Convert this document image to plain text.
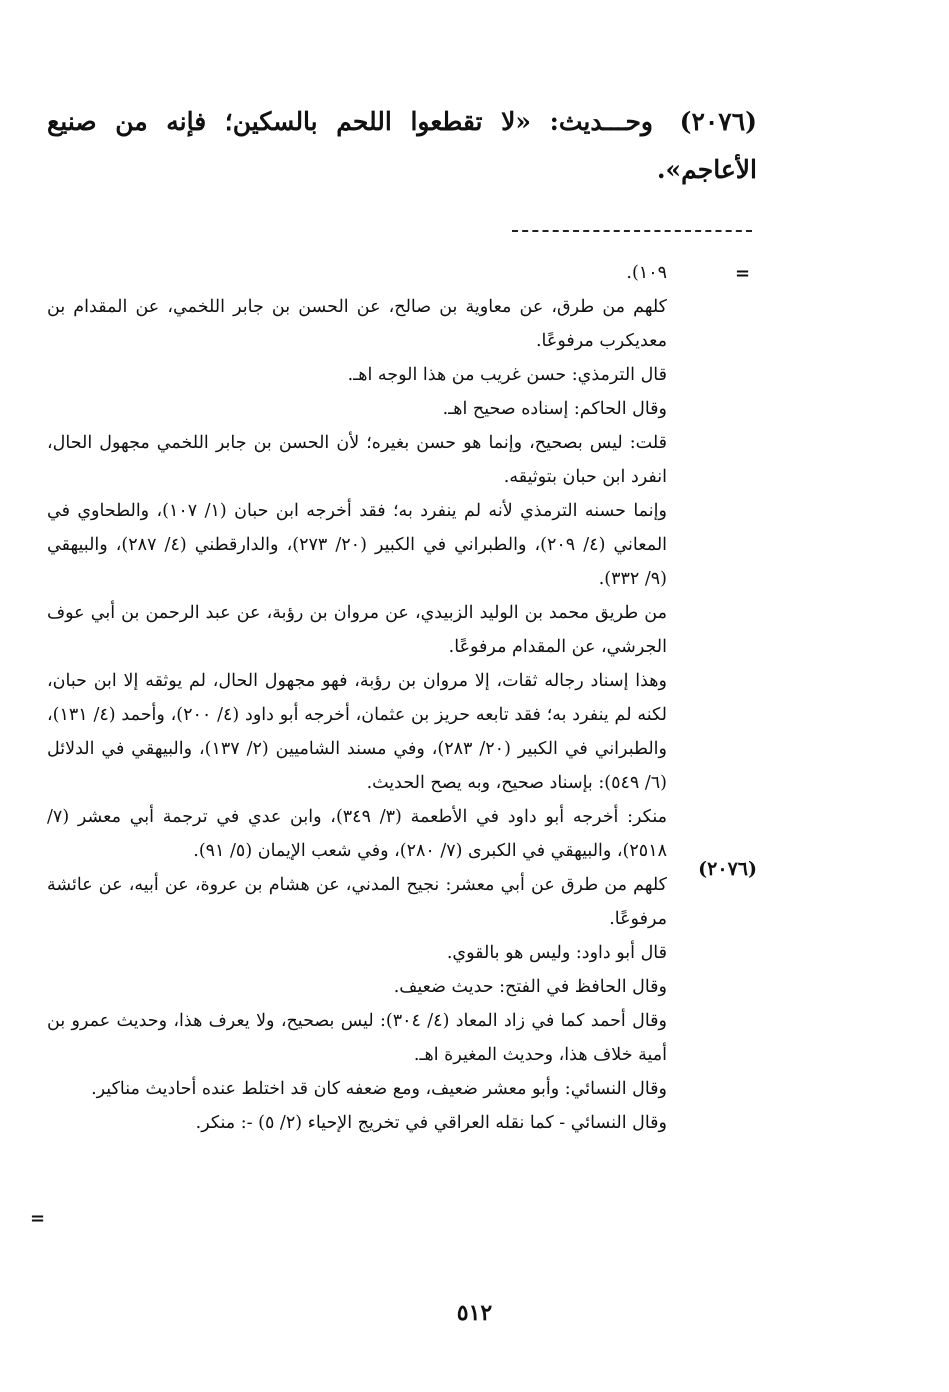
(٢٠٧٦) وحـــديث: «لا تقطعوا اللحم بالسكين؛ فإنه من صنيع الأعاجم».
=

١٠٩).

كلهم من طرق، عن معاوية بن صالح، عن الحسن بن جابر اللخمي، عن المقدام بن معديكرب مرفوعًا.

قال الترمذي: حسن غريب من هذا الوجه اهـ.

وقال الحاكم: إسناده صحيح اهـ.

قلت: ليس بصحيح، وإنما هو حسن بغيره؛ لأن الحسن بن جابر اللخمي مجهول الحال، انفرد ابن حبان بتوثيقه.

وإنما حسنه الترمذي لأنه لم ينفرد به؛ فقد أخرجه ابن حبان (١/ ١٠٧)، والطحاوي في المعاني (٤/ ٢٠٩)، والطبراني في الكبير (٢٠/ ٢٧٣)، والدارقطني (٤/ ٢٨٧)، والبيهقي (٩/ ٣٣٢).

من طريق محمد بن الوليد الزبيدي، عن مروان بن رؤبة، عن عبد الرحمن بن أبي عوف الجرشي، عن المقدام مرفوعًا.

وهذا إسناد رجاله ثقات، إلا مروان بن رؤبة، فهو مجهول الحال، لم يوثقه إلا ابن حبان، لكنه لم ينفرد به؛ فقد تابعه حريز بن عثمان، أخرجه أبو داود (٤/ ٢٠٠)، وأحمد (٤/ ١٣١)، والطبراني في الكبير (٢٠/ ٢٨٣)، وفي مسند الشاميين (٢/ ١٣٧)، والبيهقي في الدلائل (٦/ ٥٤٩): بإسناد صحيح، وبه يصح الحديث.

منكر: أخرجه أبو داود في الأطعمة (٣/ ٣٤٩)، وابن عدي في ترجمة أبي معشر (٧/ ٢٥١٨)، والبيهقي في الكبرى (٧/ ٢٨٠)، وفي شعب الإيمان (٥/ ٩١).

كلهم من طرق عن أبي معشر: نجيح المدني، عن هشام بن عروة، عن أبيه، عن عائشة مرفوعًا.

قال أبو داود: وليس هو بالقوي.

وقال الحافظ في الفتح: حديث ضعيف.

وقال أحمد كما في زاد المعاد (٤/ ٣٠٤): ليس بصحيح، ولا يعرف هذا، وحديث عمرو بن أمية خلاف هذا، وحديث المغيرة اهـ.

وقال النسائي: وأبو معشر ضعيف، ومع ضعفه كان قد اختلط عنده أحاديث مناكير.

وقال النسائي - كما نقله العراقي في تخريج الإحياء (٢/ ٥) -: منكر.

(٢٠٧٦)
=
٥١٢
